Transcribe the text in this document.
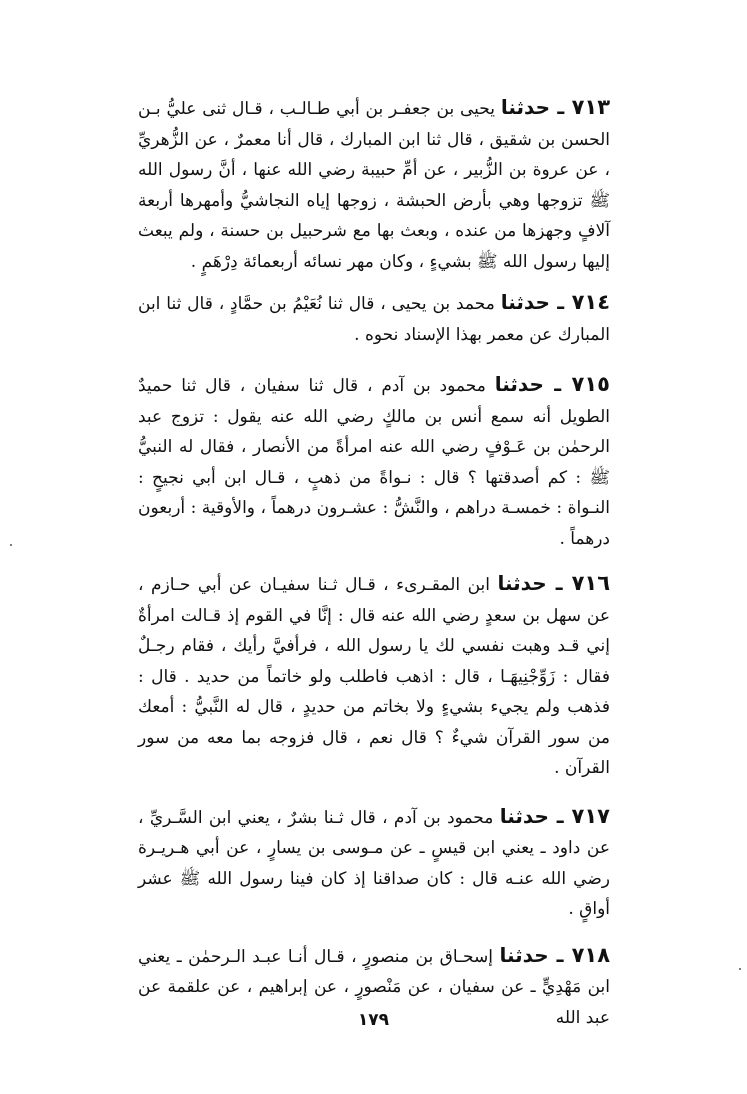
٧١٣ ـ حدثنا يحيى بن جعفـر بن أبي طـالـب ، قـال ثنى عليُّ بـن الحسن بن شقيق ، قال ثنا ابن المبارك ، قال أنا معمرٌ ، عن الزُّهريِّ ، عن عروة بن الزُّبير ، عن أمِّ حبيبة رضي الله عنها ، أنَّ رسول الله ﷺ تزوجها وهي بأرض الحبشة ، زوجها إياه النجاشيُّ وأمهرها أربعة آلافٍ وجهزها من عنده ، وبعث بها مع شرحبيل بن حسنة ، ولم يبعث إليها رسول الله ﷺ بشيءٍ ، وكان مهر نسائه أربعمائة دِرْهَمٍ .

٧١٤ ـ حدثنا محمد بن يحيى ، قال ثنا نُعَيْمُ بن حمَّادٍ ، قال ثنا ابن المبارك عن معمر بهذا الإسناد نحوه .

٧١٥ ـ حدثنا محمود بن آدم ، قال ثنا سفيان ، قال ثنا حميدٌ الطويل أنه سمع أنس بن مالكٍ رضي الله عنه يقول : تزوج عبد الرحمٰن بن عَـوْفٍ رضي الله عنه امرأةً من الأنصار ، فقال له النبيُّ ﷺ : كم أصدقتها ؟ قال : نـواةً من ذهبٍ ، قـال ابن أبي نجيحٍ : النـواة : خمسـة دراهم ، والنَّشُّ : عشـرون درهماً ، والأوقية : أربعون درهماً .

٧١٦ ـ حدثنا ابن المقـرىء ، قـال ثـنا سفيـان عن أبي حـازم ، عن سهل بن سعدٍ رضي الله عنه قال : إنَّا في القوم إذ قـالت امرأةٌ إني قـد وهبت نفسي لك يا رسول الله ، فرأفيَّ رأيك ، فقام رجـلٌ فقال : زَوِّجْنِيهَـا ، قال : اذهب فاطلب ولو خاتماً من حديد . قال : فذهب ولم يجيء بشيءٍ ولا بخاتم من حديدٍ ، قال له النَّبيُّ : أمعك من سور القرآن شيءٌ ؟ قال نعم ، قال فزوجه بما معه من سور القرآن .

٧١٧ ـ حدثنا محمود بن آدم ، قال ثـنا بشرٌ ، يعني ابن السَّـريِّ ، عن داود ـ يعني ابن قيسٍ ـ عن مـوسى بن يسارٍ ، عن أبي هـريـرة رضي الله عنـه قال : كان صداقنا إذ كان فينا رسول الله ﷺ عشر أواقٍ .

٧١٨ ـ حدثنا إسحـاق بن منصورٍ ، قـال أنـا عبـد الـرحمٰن ـ يعني ابن مَهْدِيٍّ ـ عن سفيان ، عن مَنْصورٍ ، عن إبراهيم ، عن علقمة عن عبد الله

١٧٩
